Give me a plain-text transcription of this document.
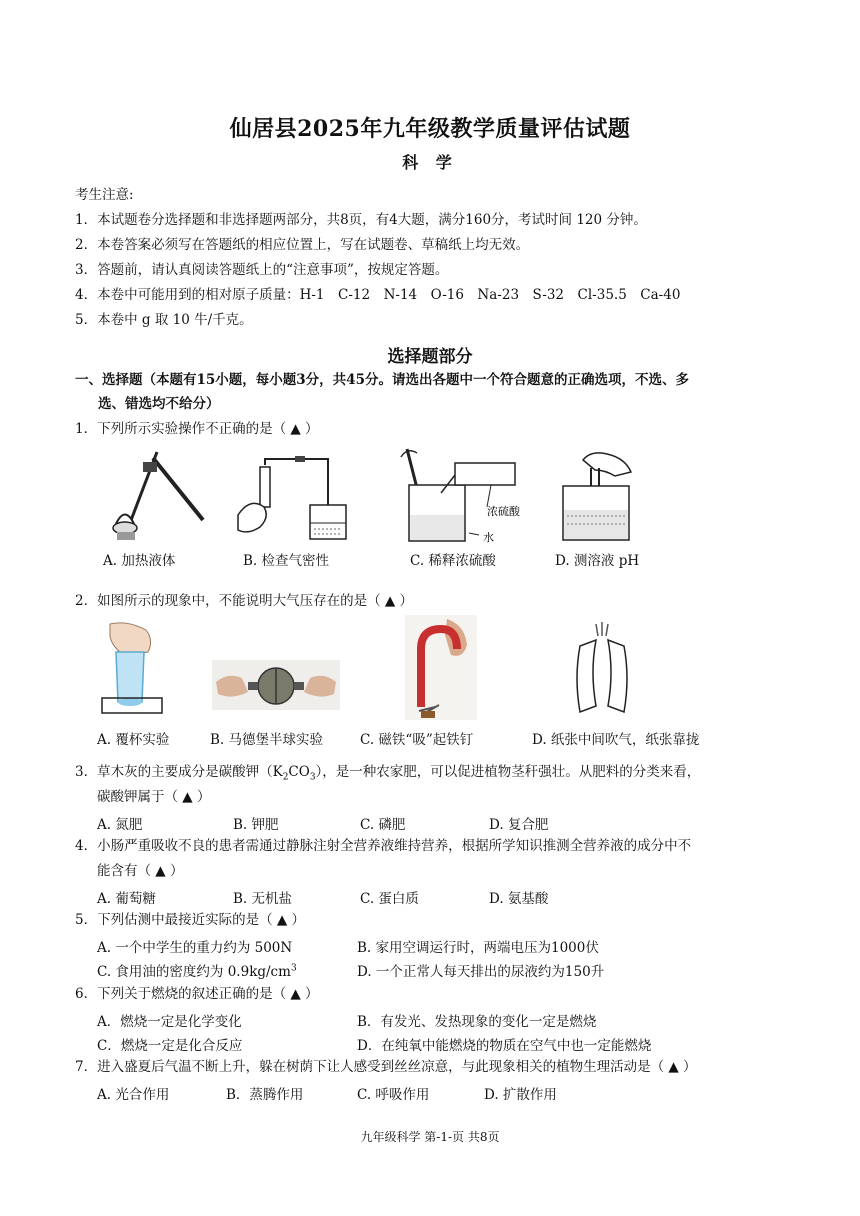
仙居县2025年九年级教学质量评估试题
科 学
考生注意:
1．本试题卷分选择题和非选择题两部分，共8页，有4大题，满分160分，考试时间 120 分钟。
2．本卷答案必须写在答题纸的相应位置上，写在试题卷、草稿纸上均无效。
3．答题前，请认真阅读答题纸上的“注意事项”，按规定答题。
4．本卷中可能用到的相对原子质量：H-1　C-12　N-14　O-16　Na-23　S-32　Cl-35.5　Ca-40
5．本卷中 g 取 10 牛/千克。
选择题部分
一、选择题（本题有15小题，每小题3分，共45分。请选出各题中一个符合题意的正确选项，不选、多
选、错选均不给分）
1．下列所示实验操作不正确的是（ ▲ ）
浓硫酸
水
A. 加热液体	B. 检查气密性	C. 稀释浓硫酸	D. 测溶液 pH
2．如图所示的现象中，不能说明大气压存在的是（ ▲ ）
A. 覆杯实验	B. 马德堡半球实验	C. 磁铁“吸”起铁钉	D. 纸张中间吹气，纸张靠拢
3．草木灰的主要成分是碳酸钾$(K_2CO_3)$，是一种农家肥，可以促进植物茎秆强壮。从肥料的分类来看，
碳酸钾属于（ ▲ ）
A. 氮肥	B. 钾肥	C. 磷肥	D. 复合肥
4．小肠严重吸收不良的患者需通过静脉注射全营养液维持营养，根据所学知识推测全营养液的成分中不
能含有（ ▲ ）
A. 葡萄糖	B. 无机盐	C. 蛋白质	D. 氨基酸
5．下列估测中最接近实际的是（ ▲ ）
A. 一个中学生的重力约为 500N	B. 家用空调运行时，两端电压为1000伏
C. 食用油的密度约为 $0.9kg/cm^3$	D. 一个正常人每天排出的尿液约为150升
6．下列关于燃烧的叙述正确的是（ ▲ ）
A．燃烧一定是化学变化	B．有发光、发热现象的变化一定是燃烧
C．燃烧一定是化合反应	D．在纯氧中能燃烧的物质在空气中也一定能燃烧
7．进入盛夏后气温不断上升，躲在树荫下让人感受到丝丝凉意，与此现象相关的植物生理活动是（ ▲ ）
A. 光合作用	B．蒸腾作用	C. 呼吸作用	D. 扩散作用
九年级科学 第-1-页 共8页
